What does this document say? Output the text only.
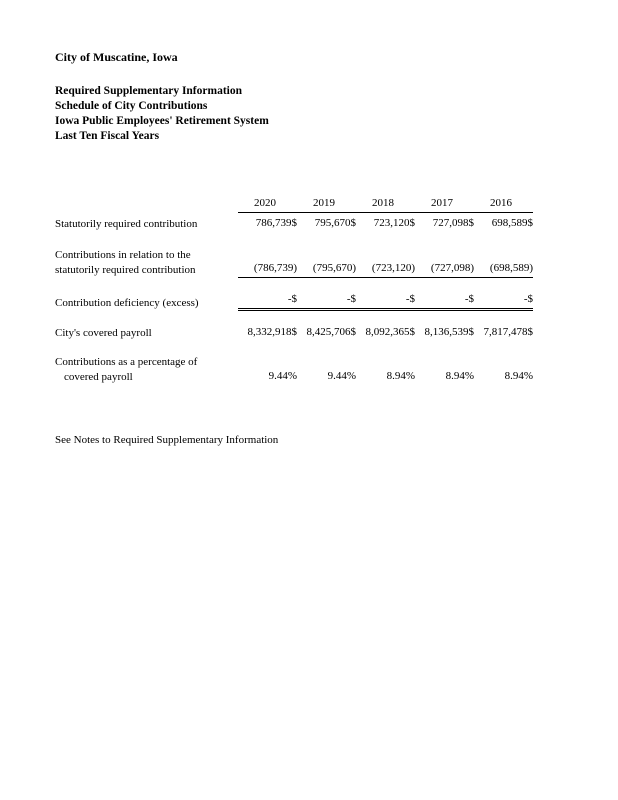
City of Muscatine, Iowa
Required Supplementary Information
Schedule of City Contributions
Iowa Public Employees' Retirement System
Last Ten Fiscal Years
2020	2019	2018	2017	2016
Statutorily required contribution	786,739$	795,670$	723,120$	727,098$	698,589$
Contributions in relation to the
statutorily required contribution	(786,739)	(795,670)	(723,120)	(727,098)	(698,589)
Contribution deficiency (excess)	-$	-$	-$	-$	-$
City's covered payroll	8,332,918$ 8,425,706$ 8,092,365$ 8,136,539$ 7,817,478$
Contributions as a percentage of
covered payroll	9.44%	9.44%	8.94%	8.94%	8.94%
See Notes to Required Supplementary Information
